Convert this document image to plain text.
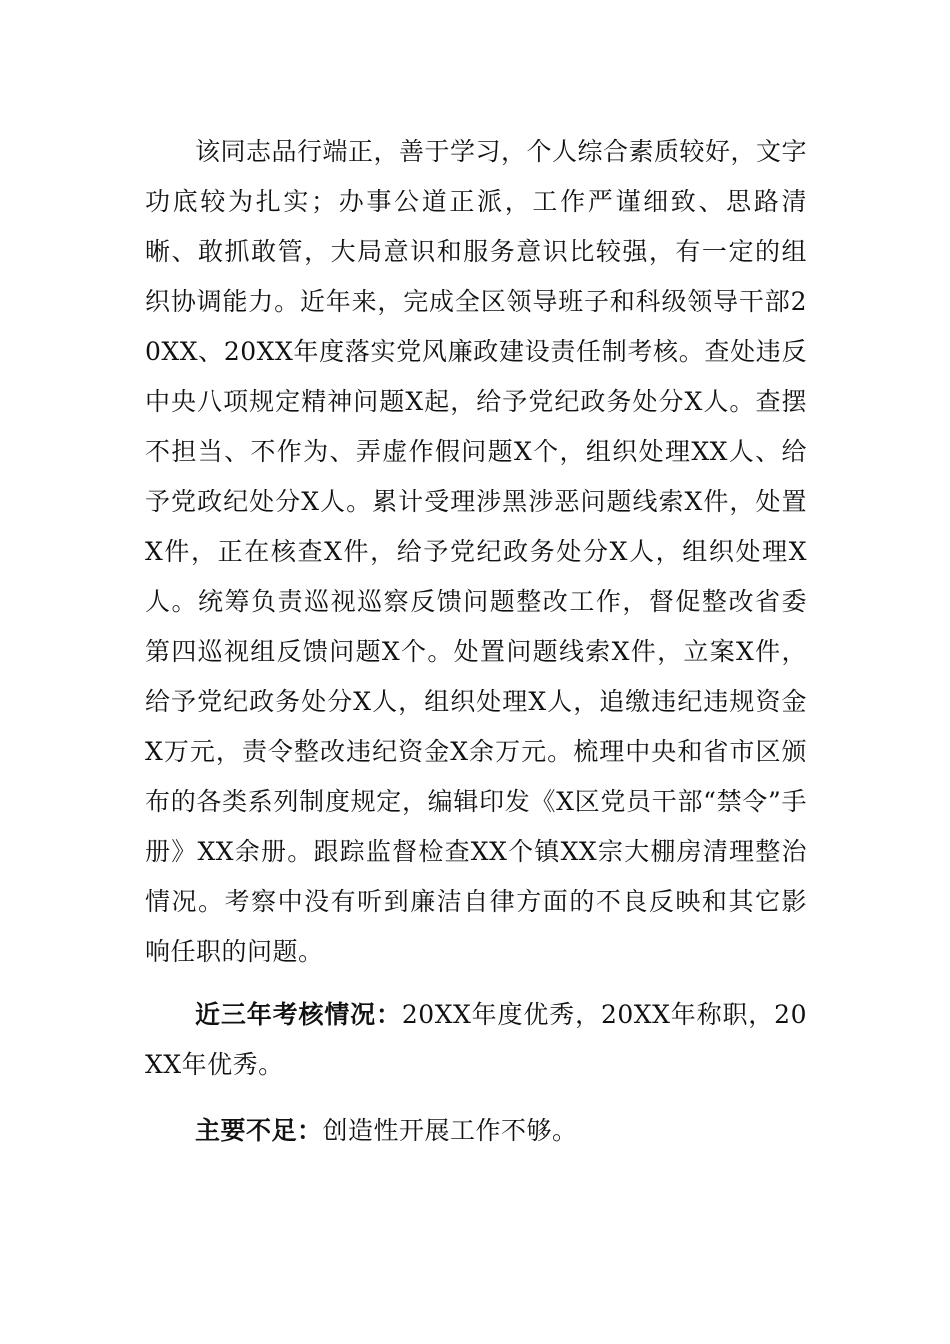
该同志品行端正，善于学习，个人综合素质较好，文字功底较为扎实；办事公道正派，工作严谨细致、思路清晰、敢抓敢管，大局意识和服务意识比较强，有一定的组织协调能力。近年来，完成全区领导班子和科级领导干部20XX、20XX年度落实党风廉政建设责任制考核。查处违反中央八项规定精神问题X起，给予党纪政务处分X人。查摆不担当、不作为、弄虚作假问题X个，组织处理XX人、给予党政纪处分X人。累计受理涉黑涉恶问题线索X件，处置X件，正在核查X件，给予党纪政务处分X人，组织处理X人。统筹负责巡视巡察反馈问题整改工作，督促整改省委第四巡视组反馈问题X个。处置问题线索X件，立案X件，给予党纪政务处分X人，组织处理X人，追缴违纪违规资金X万元，责令整改违纪资金X余万元。梳理中央和省市区颁布的各类系列制度规定，编辑印发《X区党员干部“禁令”手册》XX余册。跟踪监督检查XX个镇XX宗大棚房清理整治情况。考察中没有听到廉洁自律方面的不良反映和其它影响任职的问题。

近三年考核情况：20XX年度优秀，20XX年称职，20XX年优秀。

主要不足：创造性开展工作不够。
